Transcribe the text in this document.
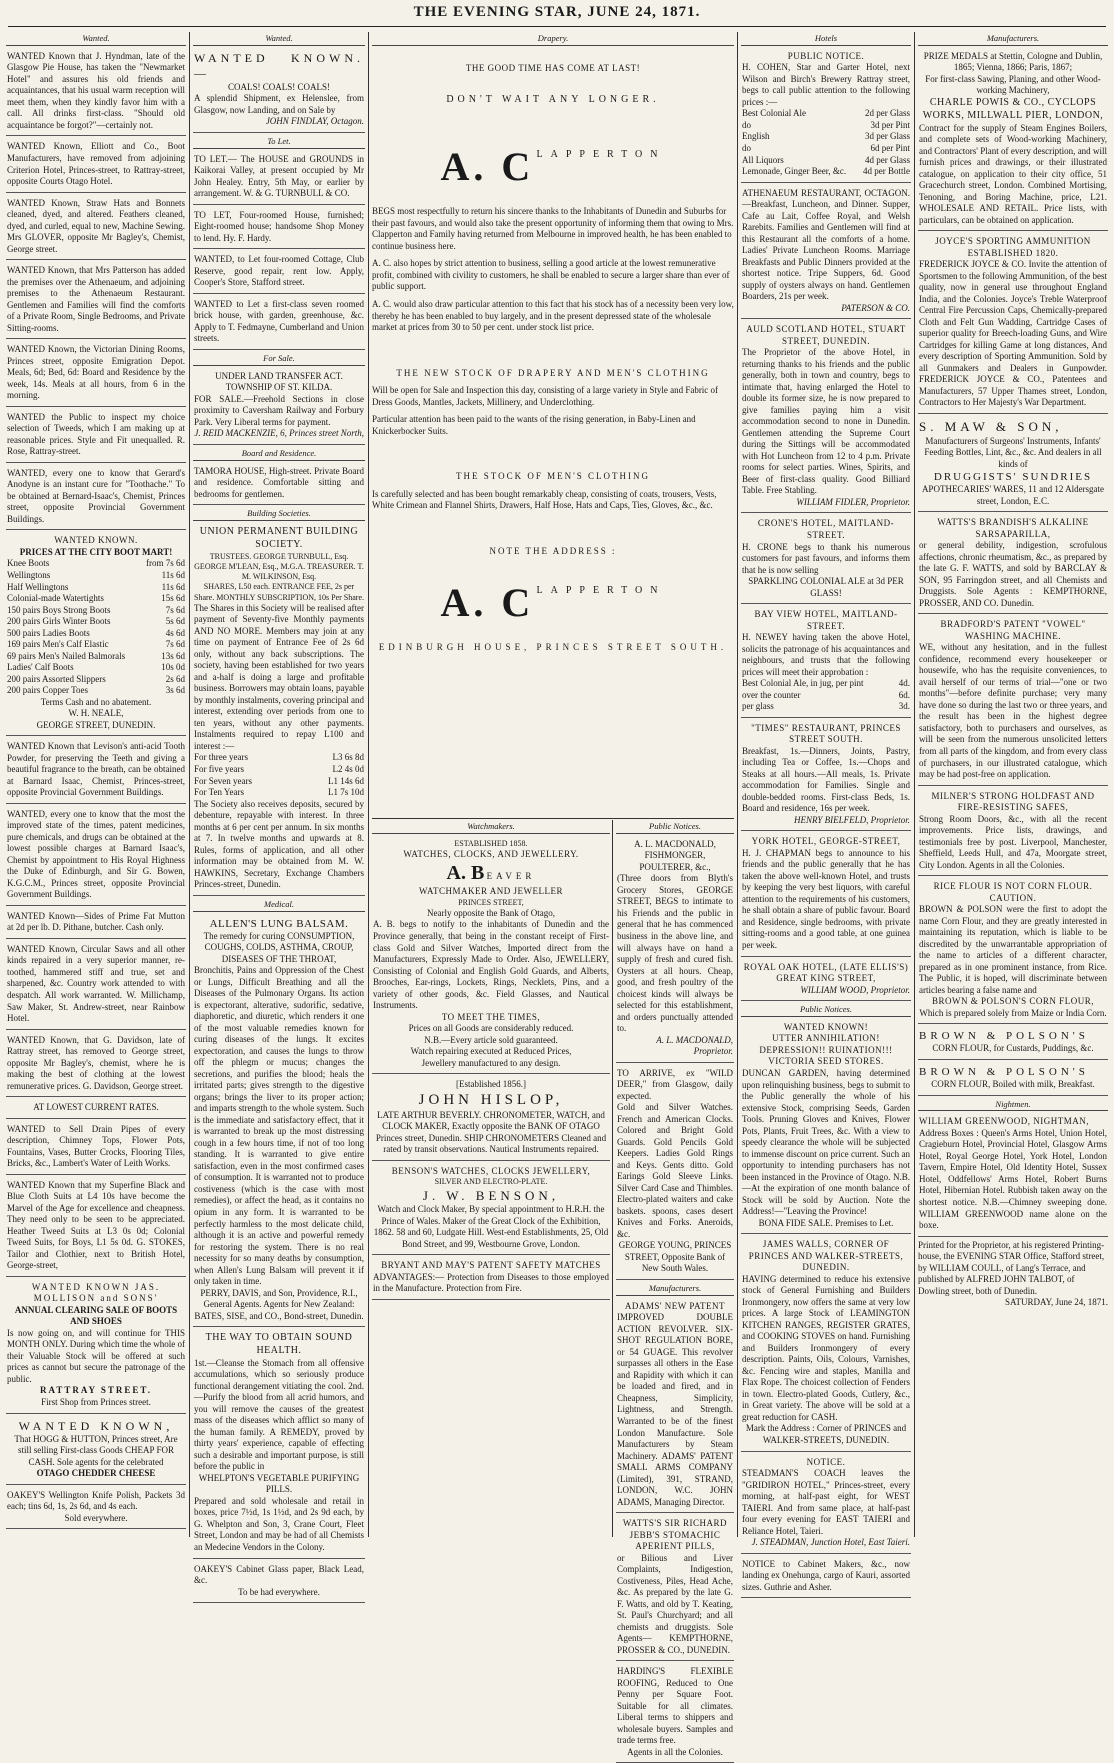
THE EVENING STAR, JUNE 24, 1871.
Wanted.

WANTED Known that J. Hyndman, late of the Glasgow Pie House, has taken the "Newmarket Hotel" and assures his old friends and acquaintances, that his usual warm reception will meet them, when they kindly favor him with a call. All drinks first-class. "Should old acquaintance be forgot?"—certainly not.

WANTED Known, Elliott and Co., Boot Manufacturers, have removed from adjoining Criterion Hotel, Princes-street, to Rattray-street, opposite Courts Otago Hotel.

WANTED Known, Straw Hats and Bonnets cleaned, dyed, and altered. Feathers cleaned, dyed, and curled, equal to new, Machine Sewing. Mrs GLOVER, opposite Mr Bagley's, Chemist, George street.

WANTED Known, that Mrs Patterson has added the premises over the Athenaeum, and adjoining premises to the Athenaeum Restaurant. Gentlemen and Families will find the comforts of a Private Room, Single Bedrooms, and Private Sitting-rooms.

WANTED Known, the Victorian Dining Rooms, Princes street, opposite Emigration Depot. Meals, 6d; Bed, 6d: Board and Residence by the week, 14s. Meals at all hours, from 6 in the morning.

WANTED the Public to inspect my choice selection of Tweeds, which I am making up at reasonable prices. Style and Fit unequalled. R. Rose, Rattray-street.

WANTED, every one to know that Gerard's Anodyne is an instant cure for "Toothache." To be obtained at Bernard-Isaac's, Chemist, Princes street, opposite Provincial Government Buildings.

WANTED KNOWN.
PRICES AT THE CITY BOOT MART!
Knee Boots	from 7s 6d
Wellingtons	11s 6d
Half Wellingtons	11s 6d
Colonial-made Watertights	15s 6d
150 pairs Boys Strong Boots	7s 6d
200 pairs Girls Winter Boots	5s 6d
500 pairs Ladies Boots	4s 6d
169 pairs Men's Calf Elastic	7s 6d
69 pairs Men's Nailed Balmorals	13s 6d
Ladies' Calf Boots	10s 0d
200 pairs Assorted Slippers	2s 6d
200 pairs Copper Toes	3s 6d
Terms Cash and no abatement.
W. H. NEALE,
GEORGE STREET, DUNEDIN.

WANTED Known that Levison's anti-acid Tooth Powder, for preserving the Teeth and giving a beautiful fragrance to the breath, can be obtained at Barnard Isaac, Chemist, Princes-street, opposite Provincial Government Buildings.

WANTED, every one to know that the most the improved state of the times, patent medicines, pure chemicals, and drugs can be obtained at the lowest possible charges at Barnard Isaac's, Chemist by appointment to His Royal Highness the Duke of Edinburgh, and Sir G. Bowen, K.G.C.M., Princes street, opposite Provincial Government Buildings.

WANTED Known—Sides of Prime Fat Mutton at 2d per lb. D. Pithane, butcher. Cash only.

WANTED Known, Circular Saws and all other kinds repaired in a very superior manner, re-toothed, hammered stiff and true, set and sharpened, &c. Country work attended to with despatch. All work warranted. W. Millichamp, Saw Maker, St. Andrew-street, near Rainbow Hotel.

WANTED Known, that G. Davidson, late of Rattray street, has removed to George street, opposite Mr Bagley's, chemist, where he is making the best of clothing at the lowest remunerative prices. G. Davidson, George street.

AT LOWEST CURRENT RATES.

WANTED to Sell Drain Pipes of every description, Chimney Tops, Flower Pots, Fountains, Vases, Butter Crocks, Flooring Tiles, Bricks, &c., Lambert's Water of Leith Works.

WANTED Known that my Superfine Black and Blue Cloth Suits at L4 10s have become the Marvel of the Age for excellence and cheapness. They need only to be seen to be appreciated. Heather Tweed Suits at L3 0s 0d; Colonial Tweed Suits, for Boys, L1 5s 0d. G. STOKES, Tailor and Clothier, next to British Hotel, George-street,

WANTED KNOWN JAS. MOLLISON and SONS'
ANNUAL CLEARING SALE OF BOOTS AND SHOES

Is now going on, and will continue for THIS MONTH ONLY. During which time the whole of their Valuable Stock will be offered at such prices as cannot but secure the patronage of the public.

RATTRAY STREET.
First Shop from Princes street.
WANTED KNOWN,

That HOGG & HUTTON, Princes street, Are still selling First-class Goods CHEAP FOR CASH. Sole agents for the celebrated

OTAGO CHEDDER CHEESE

OAKEY'S Wellington Knife Polish, Packets 3d each; tins 6d, 1s, 2s 6d, and 4s each.

Sold everywhere.
Wanted.
WANTED KNOWN.—
COALS! COALS! COALS!

A splendid Shipment, ex Helenslee, from Glasgow, now Landing, and on Sale by

JOHN FINDLAY, Octagon.
To Let.

TO LET.— The HOUSE and GROUNDS in Kaikorai Valley, at present occupied by Mr John Healey. Entry, 5th May, or earlier by arrangement. W. & G. TURNBULL & CO.

TO LET, Four-roomed House, furnished; Eight-roomed house; handsome Shop Money to lend. Hy. F. Hardy.

WANTED, to Let four-roomed Cottage, Club Reserve, good repair, rent low. Apply, Cooper's Store, Stafford street.

WANTED to Let a first-class seven roomed brick house, with garden, greenhouse, &c. Apply to T. Fedmayne, Cumberland and Union streets.

For Sale.
UNDER LAND TRANSFER ACT. TOWNSHIP OF ST. KILDA.

FOR SALE.—Freehold Sections in close proximity to Caversham Railway and Forbury Park. Very Liberal terms for payment.

J. REID MACKENZIE, 6, Princes street North,
Board and Residence.

TAMORA HOUSE, High-street. Private Board and residence. Comfortable sitting and bedrooms for gentlemen.

Building Societies.
UNION PERMANENT BUILDING SOCIETY.

TRUSTEES. GEORGE TURNBULL, Esq. GEORGE M'LEAN, Esq., M.G.A. TREASURER. T. M. WILKINSON, Esq.

SHARES, L50 each. ENTRANCE FEE, 2s per Share. MONTHLY SUBSCRIPTION, 10s Per Share.

The Shares in this Society will be realised after payment of Seventy-five Monthly payments AND NO MORE. Members may join at any time on payment of Entrance Fee of 2s 6d only, without any back subscriptions. The society, having been established for two years and a-half is doing a large and profitable business. Borrowers may obtain loans, payable by monthly instalments, covering principal and interest, extending over periods from one to ten years, without any other payments. Instalments required to repay L100 and interest :—

For three years	L3 6s 8d
For five years	L2 4s 0d
For Seven years	L1 14s 6d
For Ten Years	L1 7s 10d

The Society also receives deposits, secured by debenture, repayable with interest. In three months at 6 per cent per annum. In six months at 7. In twelve months and upwards at 8. Rules, forms of application, and all other information may be obtained from M. W. HAWKINS, Secretary, Exchange Chambers Princes-street, Dunedin.

Medical.
ALLEN'S LUNG BALSAM.

The remedy for curing CONSUMPTION, COUGHS, COLDS, ASTHMA, CROUP, DISEASES OF THE THROAT,

Bronchitis, Pains and Oppression of the Chest or Lungs, Difficult Breathing and all the Diseases of the Pulmonary Organs. Its action is expectorant, alterative, sudorific, sedative, diaphoretic, and diuretic, which renders it one of the most valuable remedies known for curing diseases of the lungs. It excites expectoration, and causes the lungs to throw off the phlegm or mucus; changes the secretions, and purifies the blood; heals the irritated parts; gives strength to the digestive organs; brings the liver to its proper action; and imparts strength to the whole system. Such is the immediate and satisfactory effect, that it is warranted to break up the most distressing cough in a few hours time, if not of too long standing. It is warranted to give entire satisfaction, even in the most confirmed cases of consumption. It is warranted not to produce costiveness (which is the case with most remedies), or affect the head, as it contains no opium in any form. It is warranted to be perfectly harmless to the most delicate child, although it is an active and powerful remedy for restoring the system. There is no real necessity for so many deaths by consumption, when Allen's Lung Balsam will prevent it if only taken in time.

PERRY, DAVIS, and Son, Providence, R.I., General Agents. Agents for New Zealand: BATES, SISE, and CO., Bond-street, Dunedin.

THE WAY TO OBTAIN SOUND HEALTH.

1st.—Cleanse the Stomach from all offensive accumulations, which so seriously produce functional derangement vitiating the cool. 2nd.—Purify the blood from all acrid humors, and you will remove the causes of the greatest mass of the diseases which afflict so many of the human family. A REMEDY, proved by thirty years' experience, capable of effecting such a desirable and important purpose, is still before the public in

WHELPTON'S VEGETABLE PURIFYING PILLS.

Prepared and sold wholesale and retail in boxes, price 7½d, 1s 1½d, and 2s 9d each, by G. Whelpton and Son, 3, Crane Court, Fleet Street, London and may be had of all Chemists an Medecine Vendors in the Colony.

OAKEY'S Cabinet Glass paper, Black Lead, &c.

To be had everywhere.
Drapery.

THE GOOD TIME HAS COME AT LAST!

DON'T WAIT ANY LONGER.

A. C LAPPERTON

BEGS most respectfully to return his sincere thanks to the Inhabitants of Dunedin and Suburbs for their past favours, and would also take the present opportunity of informing them that owing to Mrs. Clapperton and Family having returned from Melbourne in improved health, he has been enabled to continue business here.

A. C. also hopes by strict attention to business, selling a good article at the lowest remunerative profit, combined with civility to customers, he shall be enabled to secure a larger share than ever of public support.

A. C. would also draw particular attention to this fact that his stock has of a necessity been very low, thereby he has been enabled to buy largely, and in the present depressed state of the wholesale market at prices from 30 to 50 per cent. under stock list price.

THE NEW STOCK OF DRAPERY AND MEN'S CLOTHING

Will be open for Sale and Inspection this day, consisting of a large variety in Style and Fabric of Dress Goods, Mantles, Jackets, Millinery, and Underclothing.

Particular attention has been paid to the wants of the rising generation, in Baby-Linen and Knickerbocker Suits.

THE STOCK OF MEN'S CLOTHING

Is carefully selected and has been bought remarkably cheap, consisting of coats, trousers, Vests, White Crimean and Flannel Shirts, Drawers, Half Hose, Hats and Caps, Ties, Gloves, &c., &c.

NOTE THE ADDRESS :

A. C LAPPERTON

EDINBURGH HOUSE, PRINCES STREET SOUTH.

Watchmakers.
ESTABLISHED 1858.
WATCHES, CLOCKS, AND JEWELLERY.
A. B EAVER
WATCHMAKER AND JEWELLER
PRINCES STREET,
Nearly opposite the Bank of Otago,

A. B. begs to notify to the inhabitants of Dunedin and the Province generally, that being in the constant receipt of First-class Gold and Silver Watches, Imported direct from the Manufacturers, Expressly Made to Order. Also, JEWELLERY, Consisting of Colonial and English Gold Guards, and Alberts, Brooches, Ear-rings, Lockets, Rings, Necklets, Pins, and a variety of other goods, &c. Field Glasses, and Nautical Instruments.

TO MEET THE TIMES,
Prices on all Goods are considerably reduced.
N.B.—Every article sold guaranteed.
Watch repairing executed at Reduced Prices,
Jewellery manufactured to any design.
[Established 1856.]
JOHN HISLOP,

LATE ARTHUR BEVERLY. CHRONOMETER, WATCH, and CLOCK MAKER, Exactly opposite the BANK OF OTAGO Princes street, Dunedin. SHIP CHRONOMETERS Cleaned and rated by transit observations. Nautical Instruments repaired.

BENSON'S WATCHES, CLOCKS JEWELLERY,
SILVER AND ELECTRO-PLATE.
J. W. BENSON,

Watch and Clock Maker, By special appointment to H.R.H. the Prince of Wales. Maker of the Great Clock of the Exhibition, 1862. 58 and 60, Ludgate Hill. West-end Establishments, 25, Old Bond Street, and 99, Westbourne Grove, London.

BRYANT AND MAY'S PATENT SAFETY MATCHES

ADVANTAGES:— Protection from Diseases to those employed in the Manufacture. Protection from Fire.

Public Notices.
A. L. MACDONALD, FISHMONGER, POULTERER, &c.,

(Three doors from Blyth's Grocery Stores, GEORGE STREET, BEGS to intimate to his Friends and the public in general that he has commenced business in the above line, and will always have on hand a supply of fresh and cured fish. Oysters at all hours. Cheap, good, and fresh poultry of the choicest kinds will always be selected for this establishment, and orders punctually attended to.

A. L. MACDONALD, Proprietor.

TO ARRIVE, ex "WILD DEER," from Glasgow, daily expected.

Gold and Silver Watches. French and American Clocks. Colored and Bright Gold Guards. Gold Pencils Gold Keepers. Ladies Gold Rings and Keys. Gents ditto. Gold Earings Gold Sleeve Links. Silver Card Case and Thimbles. Electro-plated waiters and cake baskets. spoons, cases desert Knives and Forks. Aneroids, &c.

GEORGE YOUNG, PRINCES STREET, Opposite Bank of New South Wales.

Manufacturers.
ADAMS' NEW PATENT

IMPROVED DOUBLE ACTION REVOLVER. SIX-SHOT REGULATION BORE, or 54 GUAGE. This revolver surpasses all others in the Ease and Rapidity with which it can be loaded and fired, and in Cheapness, Simplicity, Lightness, and Strength. Warranted to be of the finest London Manufacture. Sole Manufacturers by Steam Machinery. ADAMS' PATENT SMALL ARMS COMPANY (Limited), 391, STRAND, LONDON, W.C. JOHN ADAMS, Managing Director.

WATTS'S SIR RICHARD JEBB'S STOMACHIC APERIENT PILLS,

or Bilious and Liver Complaints, Indigestion, Costiveness, Piles, Head Ache, &c. As prepared by the late G. F. Watts, and old by T. Keating, St. Paul's Churchyard; and all chemists and druggists. Sole Agents— KEMPTHORNE, PROSSER & CO., DUNEDIN.

HARDING'S FLEXIBLE ROOFING, Reduced to One Penny per Square Foot. Suitable for all climates. Liberal terms to shippers and wholesale buyers. Samples and trade terms free.

Agents in all the Colonies.
Hotels
PUBLIC NOTICE.

H. COHEN, Star and Garter Hotel, next Wilson and Birch's Brewery Rattray street, begs to call public attention to the following prices :—

Best Colonial Ale	2d per Glass
do	3d per Pint
English	3d per Glass
do	6d per Pint
All Liquors	4d per Glass
Lemonade, Ginger Beer, &c.	4d per Bottle

ATHENAEUM RESTAURANT, OCTAGON.—Breakfast, Luncheon, and Dinner. Supper, Cafe au Lait, Coffee Royal, and Welsh Rarebits. Families and Gentlemen will find at this Restaurant all the comforts of a home. Ladies' Private Luncheon Rooms. Marriage Breakfasts and Public Dinners provided at the shortest notice. Tripe Suppers, 6d. Good supply of oysters always on hand. Gentlemen Boarders, 21s per week.

PATERSON & CO.
AULD SCOTLAND HOTEL, STUART STREET, DUNEDIN.

The Proprietor of the above Hotel, in returning thanks to his friends and the public generally, both in town and country, begs to intimate that, having enlarged the Hotel to double its former size, he is now prepared to give families paying him a visit accommodation second to none in Dunedin. Gentlemen attending the Supreme Court during the Sittings will be accommodated with Hot Luncheon from 12 to 4 p.m. Private rooms for select parties. Wines, Spirits, and Beer of first-class quality. Good Billiard Table. Free Stabling.

WILLIAM FIDLER, Proprietor.
CRONE'S HOTEL, MAITLAND-STREET.

H. CRONE begs to thank his numerous customers for past favours, and informs them that he is now selling

SPARKLING COLONIAL ALE at 3d PER GLASS!
BAY VIEW HOTEL, MAITLAND-STREET.

H. NEWEY having taken the above Hotel, solicits the patronage of his acquaintances and neighbours, and trusts that the following prices will meet their approbation :

Best Colonial Ale, in jug, per pint	4d.
over the counter	6d.
per glass	3d.
"TIMES" RESTAURANT, PRINCES STREET SOUTH.

Breakfast, 1s.—Dinners, Joints, Pastry, including Tea or Coffee, 1s.—Chops and Steaks at all hours.—All meals, 1s. Private accommodation for Families. Single and double-bedded rooms. First-class Beds, 1s. Board and residence, 16s per week.

HENRY BIELFELD, Proprietor.
YORK HOTEL, GEORGE-STREET,

H. J. CHAPMAN begs to announce to his friends and the public generally that he has taken the above well-known Hotel, and trusts by keeping the very best liquors, with careful attention to the requirements of his customers, he shall obtain a share of public favour. Board and Residence, single bedrooms, with private sitting-rooms and a good table, at one guinea per week.

ROYAL OAK HOTEL, (LATE ELLIS'S) GREAT KING STREET,
WILLIAM WOOD, Proprietor.
Public Notices.
WANTED KNOWN!
UTTER ANNIHILATION! DEPRESSION!! RUINATION!!!
VICTORIA SEED STORES.

DUNCAN GARDEN, having determined upon relinquishing business, begs to submit to the Public generally the whole of his extensive Stock, comprising Seeds, Garden Tools. Pruning Gloves and Knives, Flower Pots, Plants, Fruit Trees, &c. With a view to speedy clearance the whole will be subjected to immense discount on price current. Such an opportunity to intending purchasers has not been instanced in the Province of Otago. N.B.—At the expiration of one month balance of Stock will be sold by Auction. Note the Address!—"Leaving the Province!

BONA FIDE SALE. Premises to Let.
JAMES WALLS, CORNER OF PRINCES AND WALKER-STREETS, DUNEDIN.

HAVING determined to reduce his extensive stock of General Furnishing and Builders Ironmongery, now offers the same at very low prices. A large Stock of LEAMINGTON KITCHEN RANGES, REGISTER GRATES, and COOKING STOVES on hand. Furnishing and Builders Ironmongery of every description. Paints, Oils, Colours, Varnishes, &c. Fencing wire and staples, Manilla and Flax Rope. The choicest collection of Fenders in town. Electro-plated Goods, Cutlery, &c., in Great variety. The above will be sold at a great reduction for CASH.

Mark the Address : Corner of PRINCES and WALKER-STREETS, DUNEDIN.
NOTICE.

STEADMAN'S COACH leaves the "GRIDIRON HOTEL," Princes-street, every morning, at half-past eight, for WEST TAIERI. And from same place, at half-past four every evening for EAST TAIERI and Reliance Hotel, Taieri.

J. STEADMAN, Junction Hotel, East Taieri.

NOTICE to Cabinet Makers, &c., now landing ex Onehunga, cargo of Kauri, assorted sizes. Guthrie and Asher.

Manufacturers.

PRIZE MEDALS at Stettin, Cologne and Dublin, 1865; Vienna, 1866; Paris, 1867;

For first-class Sawing, Planing, and other Wood-working Machinery,

CHARLE POWIS & CO., CYCLOPS WORKS, MILLWALL PIER, LONDON,

Contract for the supply of Steam Engines Boilers, and complete sets of Wood-working Machinery, and Contractors' Plant of every description, and will furnish prices and drawings, or their illustrated catalogue, on application to their city office, 51 Gracechurch street, London. Combined Mortising, Tenoning, and Boring Machine, price, L21. WHOLESALE AND RETAIL. Price lists, with particulars, can be obtained on application.

JOYCE'S SPORTING AMMUNITION ESTABLISHED 1820.

FREDERICK JOYCE & CO. Invite the attention of Sportsmen to the following Ammunition, of the best quality, now in general use throughout England India, and the Colonies. Joyce's Treble Waterproof Central Fire Percussion Caps, Chemically-prepared Cloth and Felt Gun Wadding, Cartridge Cases of superior quality for Breech-loading Guns, and Wire Cartridges for killing Game at long distances, And every description of Sporting Ammunition. Sold by all Gunmakers and Dealers in Gunpowder. FREDERICK JOYCE & CO., Patentees and Manufacturers, 57 Upper Thames street, London, Contractors to Her Majesty's War Department.

S. MAW & SON,

Manufacturers of Surgeons' Instruments, Infants' Feeding Bottles, Lint, &c., &c. And dealers in all kinds of

DRUGGISTS' SUNDRIES
APOTHECARIES' WARES, 11 and 12 Aldersgate street, London, E.C.
WATTS'S BRANDISH'S ALKALINE SARSAPARILLA,

or general debility, indigestion, scrofulous affections, chronic rheumatism, &c., as prepared by the late G. F. WATTS, and sold by BARCLAY & SON, 95 Farringdon street, and all Chemists and Druggists. Sole Agents : KEMPTHORNE, PROSSER, AND CO. Dunedin.

BRADFORD'S PATENT "VOWEL" WASHING MACHINE.

WE, without any hesitation, and in the fullest confidence, recommend every housekeeper or housewife, who has the requisite conveniences, to avail herself of our terms of trial—"one or two months"—before definite purchase; very many have done so during the last two or three years, and the result has been in the highest degree satisfactory, both to purchasers and ourselves, as will be seen from the numerous unsolicited letters from all parts of the kingdom, and from every class of purchasers, in our illustrated catalogue, which may be had post-free on application.

MILNER'S STRONG HOLDFAST AND FIRE-RESISTING SAFES,

Strong Room Doors, &c., with all the recent improvements. Price lists, drawings, and testimonials free by post. Liverpool, Manchester, Sheffield, Leeds Hull, and 47a, Moorgate street, City London. Agents in all the Colonies.

RICE FLOUR IS NOT CORN FLOUR.
CAUTION.

BROWN & POLSON were the first to adopt the name Corn Flour, and they are greatly interested in maintaining its reputation, which is liable to be discredited by the unwarrantable appropriation of the name to articles of a different character, prepared as in one prominent instance, from Rice. The Public, it is hoped, will discriminate between articles bearing a false name and

BROWN & POLSON'S CORN FLOUR,
Which is prepared solely from Maize or India Corn.
BROWN & POLSON'S

CORN FLOUR, for Custards, Puddings, &c.

BROWN & POLSON'S

CORN FLOUR, Boiled with milk, Breakfast.

Nightmen.
WILLIAM GREENWOOD, NIGHTMAN,

Address Boxes : Queen's Arms Hotel, Union Hotel, Cragieburn Hotel, Provincial Hotel, Glasgow Arms Hotel, Royal George Hotel, York Hotel, London Tavern, Empire Hotel, Old Identity Hotel, Sussex Hotel, Oddfellows' Arms Hotel, Robert Burns Hotel, Hibernian Hotel. Rubbish taken away on the shortest notice. N.B.—Chimney sweeping done. WILLIAM GREENWOOD name alone on the boxe.

Printed for the Proprietor, at his registered Printing-house, the EVENING STAR Office, Stafford street, by WILLIAM COULL, of Lang's Terrace, and published by ALFRED JOHN TALBOT, of Dowling street, both of Dunedin.

SATURDAY, June 24, 1871.
